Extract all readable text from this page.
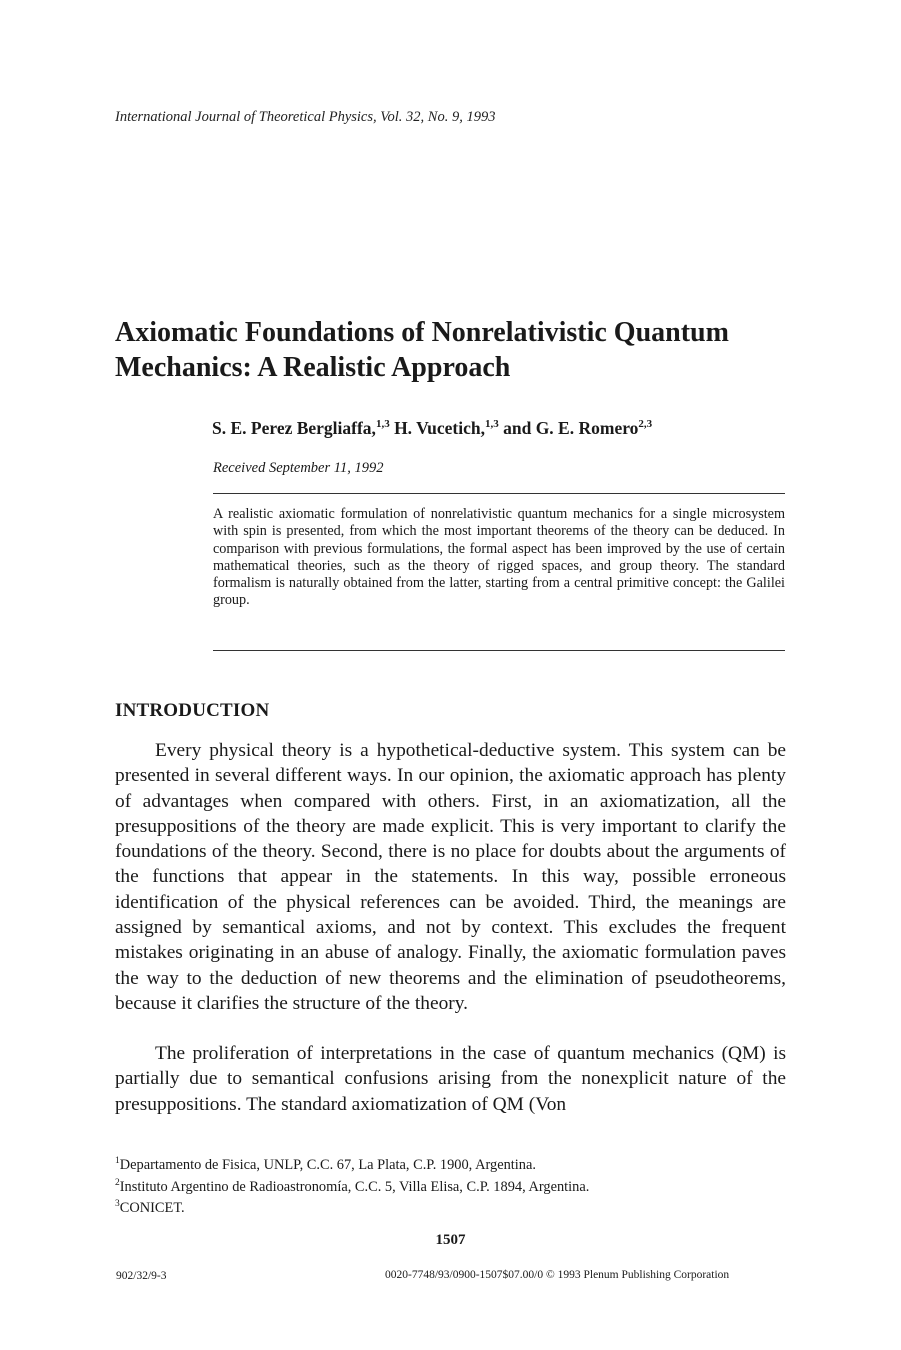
International Journal of Theoretical Physics, Vol. 32, No. 9, 1993
Axiomatic Foundations of Nonrelativistic Quantum
Mechanics: A Realistic Approach
S. E. Perez Bergliaffa,$^{1,3}$ H. Vucetich,$^{1,3}$ and G. E. Romero$^{2,3}$
Received September 11, 1992

A realistic axiomatic formulation of nonrelativistic quantum mechanics for a single microsystem with spin is presented, from which the most important theorems of the theory can be deduced. In comparison with previous formulations, the formal aspect has been improved by the use of certain mathematical theories, such as the theory of rigged spaces, and group theory. The standard formalism is naturally obtained from the latter, starting from a central primitive concept: the Galilei group.

INTRODUCTION

Every physical theory is a hypothetical-deductive system. This system can be presented in several different ways. In our opinion, the axiomatic approach has plenty of advantages when compared with others. First, in an axiomatization, all the presuppositions of the theory are made explicit. This is very important to clarify the foundations of the theory. Second, there is no place for doubts about the arguments of the functions that appear in the statements. In this way, possible erroneous identification of the physical references can be avoided. Third, the meanings are assigned by semantical axioms, and not by context. This excludes the frequent mistakes originating in an abuse of analogy. Finally, the axiomatic formulation paves the way to the deduction of new theorems and the elimination of pseudotheorems, because it clarifies the structure of the theory.

The proliferation of interpretations in the case of quantum mechanics (QM) is partially due to semantical confusions arising from the nonexplicit nature of the presuppositions. The standard axiomatization of QM (Von

$^1$Departamento de Fisica, UNLP, C.C. 67, La Plata, C.P. 1900, Argentina.
$^2$Instituto Argentino de Radioastronomía, C.C. 5, Villa Elisa, C.P. 1894, Argentina.
$^3$CONICET.
1507
902/32/9-3	0020-7748/93/0900-1507$07.00/0 © 1993 Plenum Publishing Corporation
